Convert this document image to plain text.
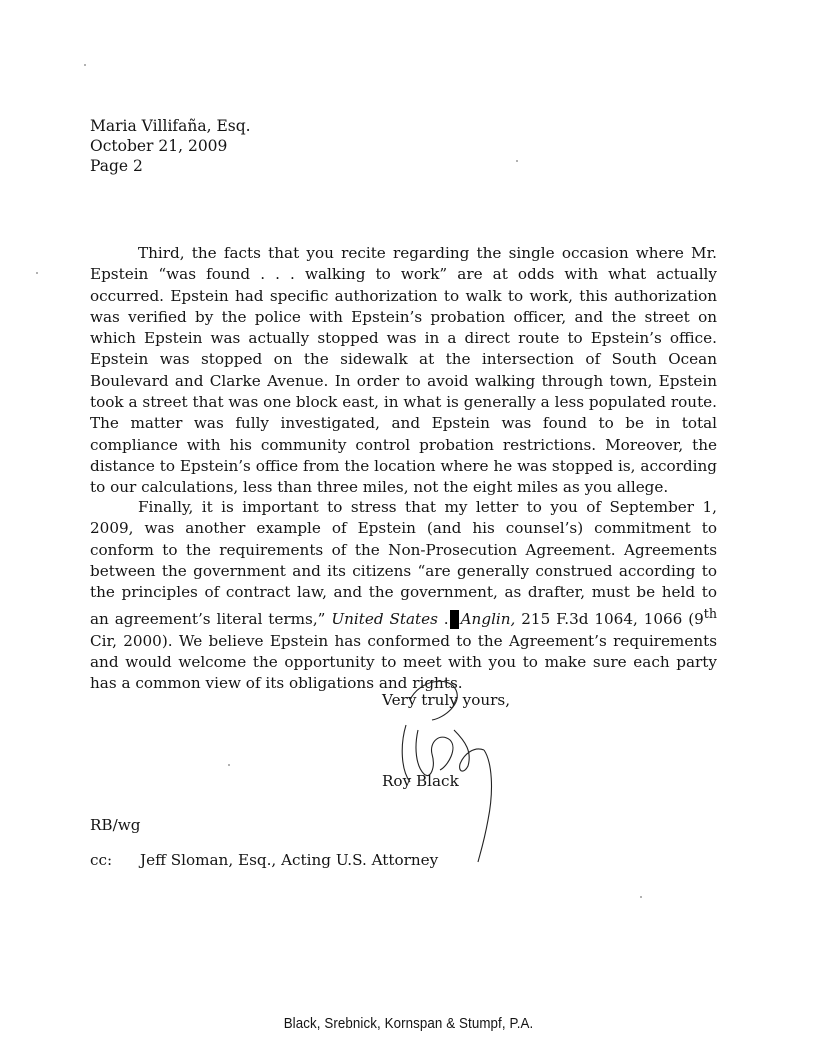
Maria Villifaña, Esq.
October 21, 2009
Page 2

Third, the facts that you recite regarding the single occasion where Mr. Epstein “was found . . . walking to work” are at odds with what actually occurred. Epstein had specific authorization to walk to work, this authorization was verified by the police with Epstein’s probation officer, and the street on which Epstein was actually stopped was in a direct route to Epstein’s office. Epstein was stopped on the sidewalk at the intersection of South Ocean Boulevard and Clarke Avenue. In order to avoid walking through town, Epstein took a street that was one block east, in what is generally a less populated route. The matter was fully investigated, and Epstein was found to be in total compliance with his community control probation restrictions. Moreover, the distance to Epstein’s office from the location where he was stopped is, according to our calculations, less than three miles, not the eight miles as you allege.

Finally, it is important to stress that my letter to you of September 1, 2009, was another example of Epstein (and his counsel’s) commitment to conform to the requirements of the Non-Prosecution Agreement. Agreements between the government and its citizens “are generally construed according to the principles of contract law, and the government, as drafter, must be held to an agreement’s literal terms,” United States . Anglin, 215 F.3d 1064, 1066 (9th Cir, 2000). We believe Epstein has conformed to the Agreement’s requirements and would welcome the opportunity to meet with you to make sure each party has a common view of its obligations and rights.

Very truly yours,
Roy Black
RB/wg
cc: Jeff Sloman, Esq., Acting U.S. Attorney
Black, Srebnick, Kornspan & Stumpf, P.A.
